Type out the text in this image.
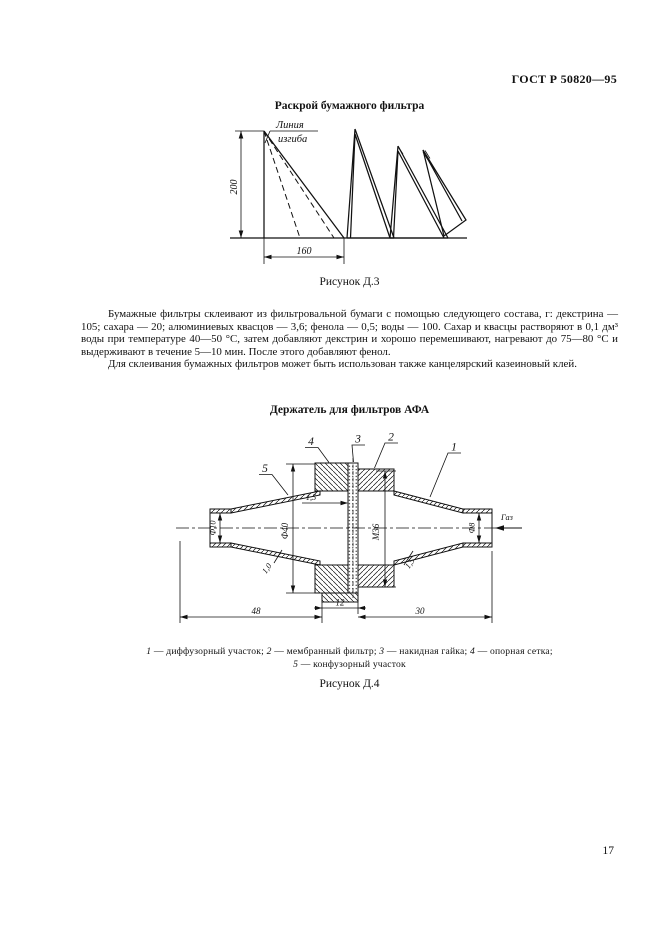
ГОСТ Р 50820—95
Раскрой бумажного фильтра
Линия
изгиба
200
160
Рисунок Д.3

Бумажные фильтры склеивают из фильтровальной бумаги с помощью следующего состава, г: декстрина — 105; сахара — 20; алюминиевых квасцов — 3,6; фенола — 0,5; воды — 100. Сахар и квасцы растворяют в 0,1 дм³ воды при температуре 40—50 °С, затем добавляют декстрин и хорошо перемешивают, нагревают до 75—80 °С и выдерживают в течение 5—10 мин. После этого добавляют фенол.

Для склеивания бумажных фильтров может быть использован также канцелярский казеиновый клей.

Держатель для фильтров АФА
Ф40	М36
1,5
Ф10	Ф8
1,0	1,5
48
12
30
Газ
5
4	3 2
1
1 — диффузорный участок; 2 — мембранный фильтр; 3 — накидная гайка; 4 — опорная сетка;
5 — конфузорный участок
Рисунок Д.4
17
